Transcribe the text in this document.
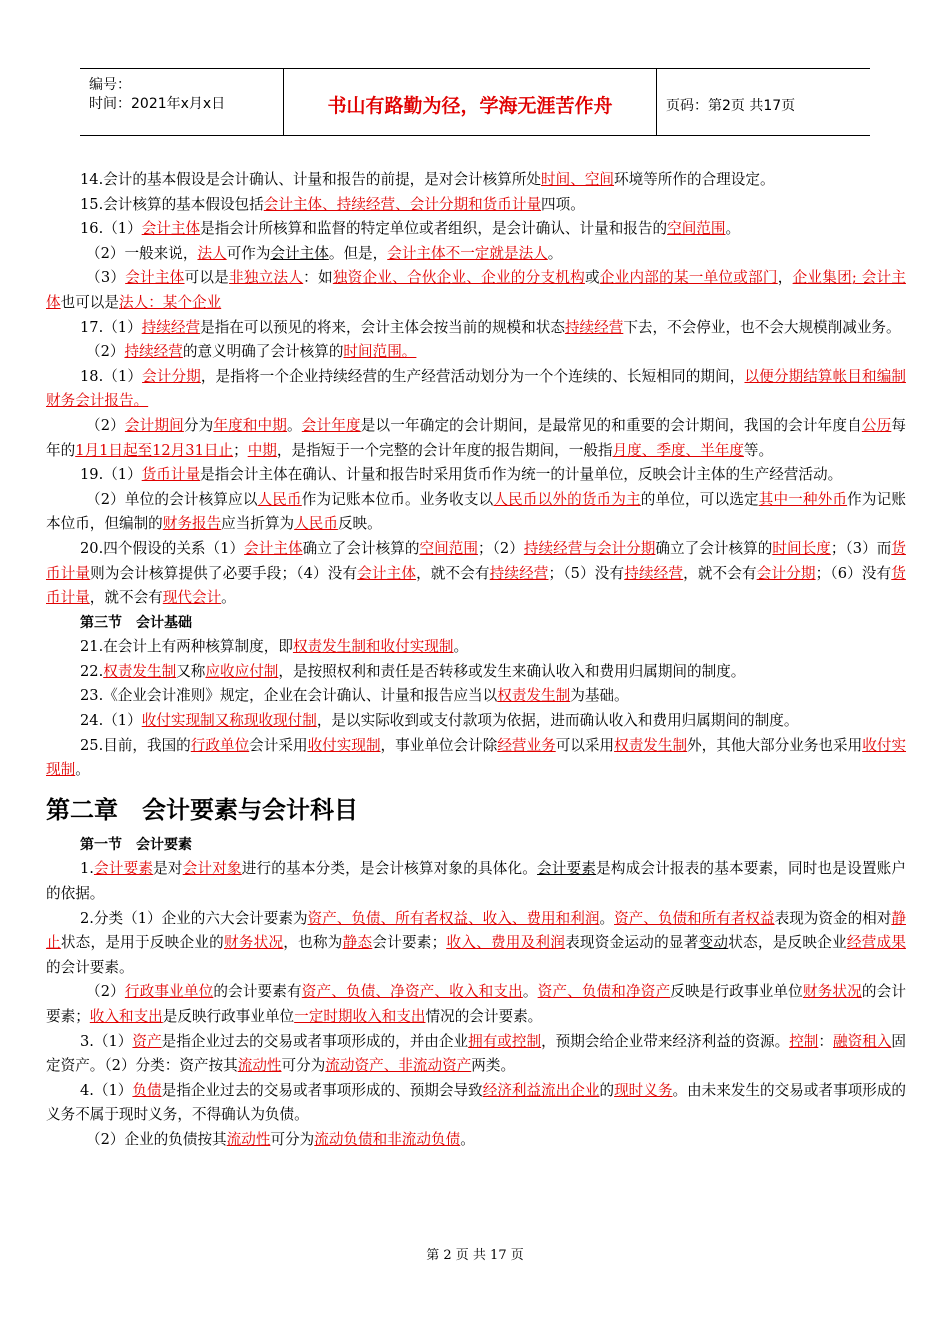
编号：
时间：2021年x月x日	书山有路勤为径，学海无涯苦作舟	页码：第2页 共17页

14.会计的基本假设是会计确认、计量和报告的前提，是对会计核算所处时间、空间环境等所作的合理设定。

15.会计核算的基本假设包括会计主体、持续经营、会计分期和货币计量四项。

16.（1）会计主体是指会计所核算和监督的特定单位或者组织，是会计确认、计量和报告的空间范围。

（2）一般来说，法人可作为会计主体。但是，会计主体不一定就是法人。

（3）会计主体可以是非独立法人：如独资企业、合伙企业、企业的分支机构或企业内部的某一单位或部门，企业集团; 会计主体也可以是法人：某个企业

17.（1）持续经营是指在可以预见的将来，会计主体会按当前的规模和状态持续经营下去，不会停业，也不会大规模削减业务。

（2）持续经营的意义明确了会计核算的时间范围。

18.（1）会计分期，是指将一个企业持续经营的生产经营活动划分为一个个连续的、长短相同的期间，以便分期结算帐目和编制财务会计报告。

（2）会计期间分为年度和中期。会计年度是以一年确定的会计期间，是最常见的和重要的会计期间，我国的会计年度自公历每年的1月1日起至12月31日止；中期，是指短于一个完整的会计年度的报告期间，一般指月度、季度、半年度等。

19.（1）货币计量是指会计主体在确认、计量和报告时采用货币作为统一的计量单位，反映会计主体的生产经营活动。

（2）单位的会计核算应以人民币作为记账本位币。业务收支以人民币以外的货币为主的单位，可以选定其中一种外币作为记账本位币，但编制的财务报告应当折算为人民币反映。

20.四个假设的关系（1）会计主体确立了会计核算的空间范围；（2）持续经营与会计分期确立了会计核算的时间长度；（3）而货币计量则为会计核算提供了必要手段；（4）没有会计主体，就不会有持续经营；（5）没有持续经营，就不会有会计分期；（6）没有货币计量，就不会有现代会计。

第三节　会计基础

21.在会计上有两种核算制度，即权责发生制和收付实现制。

22.权责发生制又称应收应付制，是按照权利和责任是否转移或发生来确认收入和费用归属期间的制度。

23.《企业会计准则》规定，企业在会计确认、计量和报告应当以权责发生制为基础。

24.（1）收付实现制又称现收现付制，是以实际收到或支付款项为依据，进而确认收入和费用归属期间的制度。

25.目前，我国的行政单位会计采用收付实现制，事业单位会计除经营业务可以采用权责发生制外，其他大部分业务也采用收付实现制。

第二章　会计要素与会计科目

第一节　会计要素

1.会计要素是对会计对象进行的基本分类，是会计核算对象的具体化。会计要素是构成会计报表的基本要素，同时也是设置账户的依据。

2.分类（1）企业的六大会计要素为资产、负债、所有者权益、收入、费用和利润。资产、负债和所有者权益表现为资金的相对静止状态，是用于反映企业的财务状况，也称为静态会计要素；收入、费用及利润表现资金运动的显著变动状态，是反映企业经营成果的会计要素。

（2）行政事业单位的会计要素有资产、负债、净资产、收入和支出。资产、负债和净资产反映是行政事业单位财务状况的会计要素；收入和支出是反映行政事业单位一定时期收入和支出情况的会计要素。

3.（1）资产是指企业过去的交易或者事项形成的，并由企业拥有或控制，预期会给企业带来经济利益的资源。控制：融资租入固定资产。（2）分类：资产按其流动性可分为流动资产、非流动资产两类。

4.（1）负债是指企业过去的交易或者事项形成的、预期会导致经济利益流出企业的现时义务。由未来发生的交易或者事项形成的义务不属于现时义务，不得确认为负债。

（2）企业的负债按其流动性可分为流动负债和非流动负债。

第 2 页 共 17 页
